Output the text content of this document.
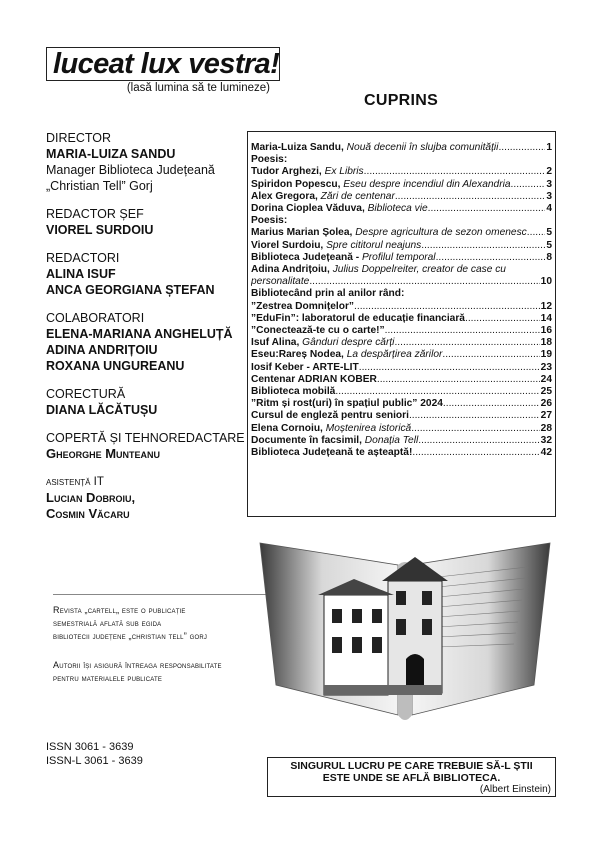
luceat lux vestra!
(lasă lumina să te lumineze)
DIRECTOR
MARIA-LUIZA SANDU
Manager Biblioteca Județeană
„Christian Tell” Gorj
REDACTOR ȘEF
VIOREL SURDOIU
REDACTORI
ALINA ISUF
ANCA GEORGIANA ȘTEFAN
COLABORATORI
ELENA-MARIANA ANGHELUȚĂ
ADINA ANDRIȚOIU
ROXANA UNGUREANU
CORECTURĂ
DIANA LĂCĂTUȘU
COPERTĂ ȘI TEHNOREDACTARE
Gheorghe Munteanu
asistență IT
Lucian Dobroiu,
Cosmin Văcaru
Revista „cartell„ este o publicație
semestrială aflată sub egida
bibliotecii județene „christian tell” gorj
Autorii își asigură întreaga responsabilitate
pentru materialele publicate
ISSN 3061 - 3639
ISSN-L 3061 - 3639
CUPRINS
Maria-Luiza Sandu, Nouă decenii în slujba comunității .....	1
Poesis:
Tudor Arghezi, Ex Libris .....	2
Spiridon Popescu, Eseu despre incendiul din Alexandria .....	3
Alex Gregora, Zări de centenar .....	3
Dorina Cioplea Văduva, Biblioteca vie .....	4
Poesis:
Marius Marian Șolea, Despre agricultura de sezon omenesc ..... 5
Viorel Surdoiu, Spre cititorul neajuns .....	5
Biblioteca Județeană - Profilul temporal .....	8
Adina Andrițoiu, Julius Doppelreiter, creator de case cu
personalitate .....	10
Bibliotecând prin al anilor rând:
”Zestrea Domnițelor” .....	12
”EduFin”: laboratorul de educație financiară .....	14
”Conectează-te cu o carte!” .....	16
Isuf Alina, Gânduri despre cărți .....	18
Eseu:Rareș Nodea, La despărțirea zărilor .....	19
Iosif Keber - ARTE-LIT .....	23
Centenar ADRIAN KÖBER .....	24
Biblioteca mobilă .....	25
”Ritm și rost(uri) în spațiul public” 2024 .....	26
Cursul de engleză pentru seniori .....	27
Elena Cornoiu, Moștenirea istorică .....	28
Documente în facsimil, Donația Tell .....	32
Biblioteca Județeană te așteaptă! .....	42
SINGURUL LUCRU PE CARE TREBUIE SĂ-L ȘTII
ESTE UNDE SE AFLĂ BIBLIOTECA.
(Albert Einstein)
